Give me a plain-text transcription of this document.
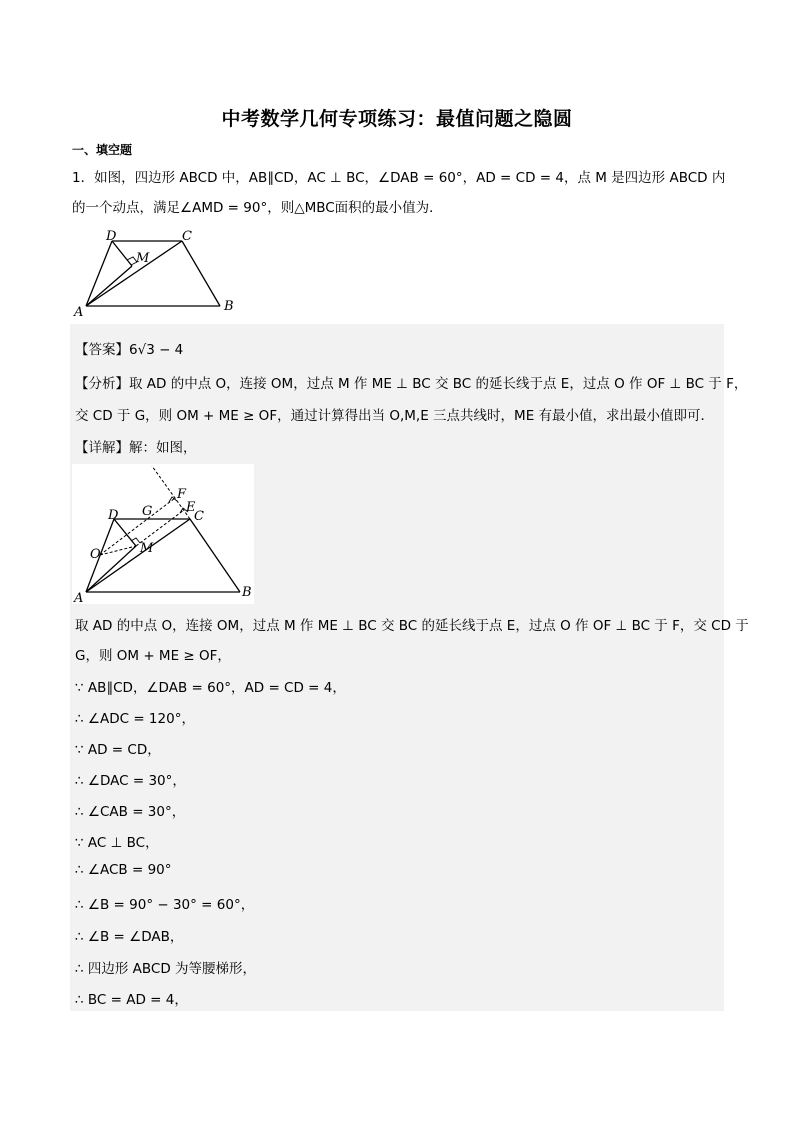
中考数学几何专项练习：最值问题之隐圆
一、填空题
1．如图，四边形 ABCD 中，AB∥CD，AC ⊥ BC，∠DAB = 60°，AD = CD = 4，点 M 是四边形 ABCD 内
的一个动点，满足∠AMD = 90°，则△MBC面积的最小值为．
D	C
M
A	B
【答案】6√3 − 4
【分析】取 AD 的中点 O，连接 OM，过点 M 作 ME ⊥ BC 交 BC 的延长线于点 E，过点 O 作 OF ⊥ BC 于 F，
交 CD 于 G，则 OM + ME ≥ OF，通过计算得出当 O,M,E 三点共线时，ME 有最小值，求出最小值即可．
【详解】解：如图，
D G
F
E
C
O	M
A	B
取 AD 的中点 O，连接 OM，过点 M 作 ME ⊥ BC 交 BC 的延长线于点 E，过点 O 作 OF ⊥ BC 于 F，交 CD 于
G，则 OM + ME ≥ OF，
∵ AB∥CD，∠DAB = 60°，AD = CD = 4，
∴ ∠ADC = 120°，
∵ AD = CD，
∴ ∠DAC = 30°，
∴ ∠CAB = 30°，
∵ AC ⊥ BC，
∴ ∠ACB = 90°
∴ ∠B = 90° − 30° = 60°，
∴ ∠B = ∠DAB，
∴ 四边形 ABCD 为等腰梯形，
∴ BC = AD = 4，
